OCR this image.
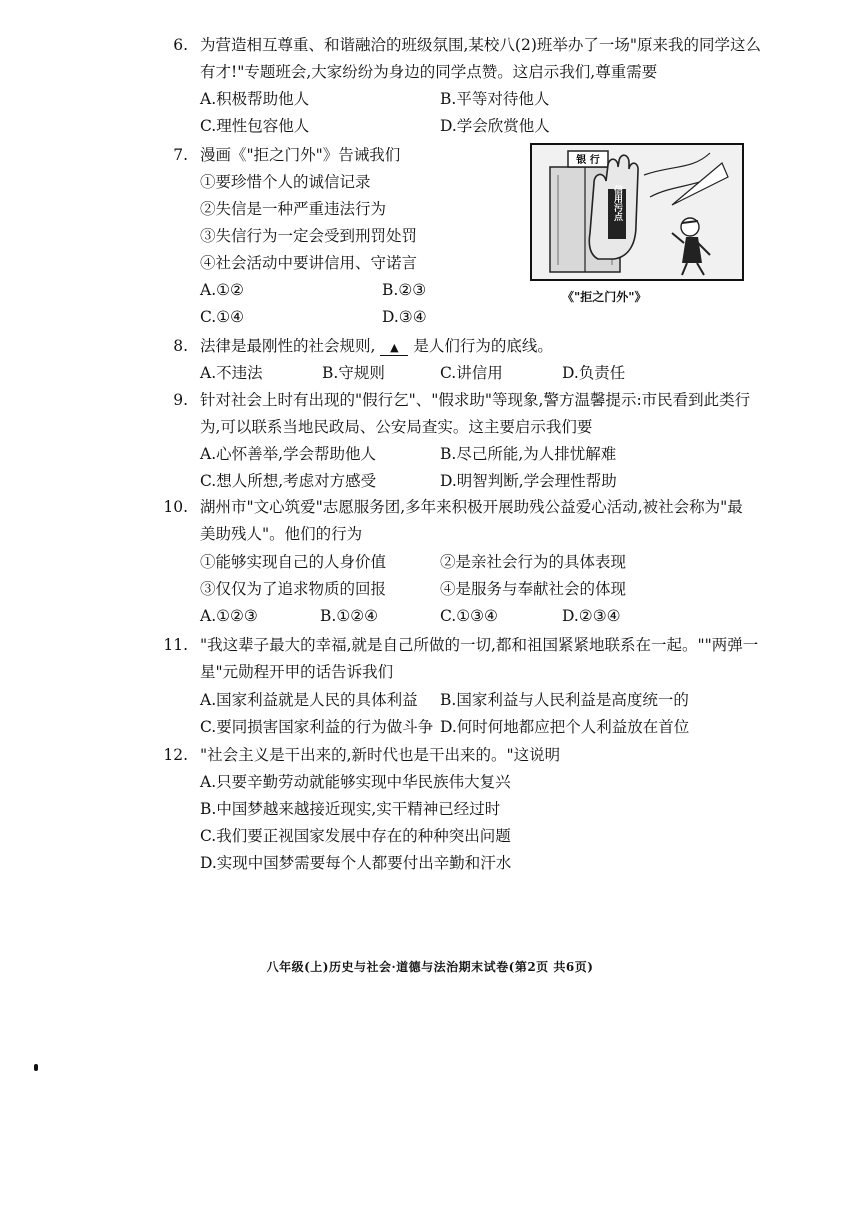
6. 为营造相互尊重、和谐融洽的班级氛围,某校八(2)班举办了一场"原来我的同学这么
有才!"专题班会,大家纷纷为身边的同学点赞。这启示我们,尊重需要
A.积极帮助他人	B.平等对待他人
C.理性包容他人	D.学会欣赏他人
7. 漫画《"拒之门外"》告诫我们
①要珍惜个人的诚信记录
②失信是一种严重违法行为
③失信行为一定会受到刑罚处罚
④社会活动中要讲信用、守诺言
A.①②	B.②③
C.①④	D.③④
银 行
信用污点
《"拒之门外"》
8. 法律是最刚性的社会规则, ▲ 是人们行为的底线。
A.不违法	B.守规则	C.讲信用	D.负责任
9. 针对社会上时有出现的"假行乞"、"假求助"等现象,警方温馨提示:市民看到此类行
为,可以联系当地民政局、公安局查实。这主要启示我们要
A.心怀善举,学会帮助他人	B.尽己所能,为人排忧解难
C.想人所想,考虑对方感受	D.明智判断,学会理性帮助
10. 湖州市"文心筑爱"志愿服务团,多年来积极开展助残公益爱心活动,被社会称为"最
美助残人"。他们的行为
①能够实现自己的人身价值	②是亲社会行为的具体表现
③仅仅为了追求物质的回报	④是服务与奉献社会的体现
A.①②③	B.①②④	C.①③④	D.②③④
11. "我这辈子最大的幸福,就是自己所做的一切,都和祖国紧紧地联系在一起。""两弹一
星"元勋程开甲的话告诉我们
A.国家利益就是人民的具体利益 B.国家利益与人民利益是高度统一的
C.要同损害国家利益的行为做斗争 D.何时何地都应把个人利益放在首位
12. "社会主义是干出来的,新时代也是干出来的。"这说明
A.只要辛勤劳动就能够实现中华民族伟大复兴
B.中国梦越来越接近现实,实干精神已经过时
C.我们要正视国家发展中存在的种种突出问题
D.实现中国梦需要每个人都要付出辛勤和汗水
八年级(上)历史与社会·道德与法治期末试卷(第2页 共6页)
